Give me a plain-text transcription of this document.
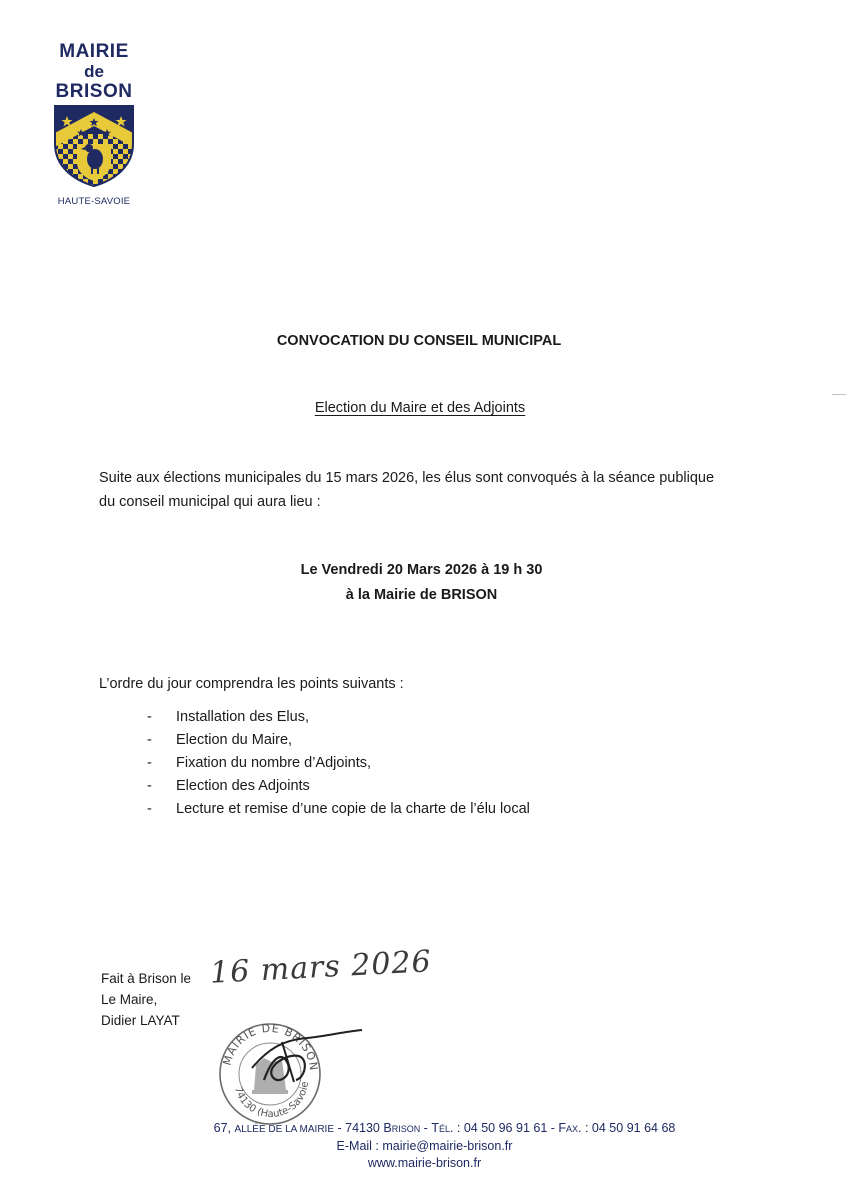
MAIRIE
de
BRISON
HAUTE-SAVOIE
CONVOCATION DU CONSEIL MUNICIPAL
Election du Maire et des Adjoints
Suite aux élections municipales du 15 mars 2026, les élus sont convoqués à la séance publique du conseil municipal qui aura lieu :
Le Vendredi 20 Mars 2026 à 19 h 30
à la Mairie de BRISON
L’ordre du jour comprendra les points suivants :
-	Installation des Elus,
-	Election du Maire,
-	Fixation du nombre d’Adjoints,
-	Election des Adjoints
-	Lecture et remise d’une copie de la charte de l’élu local
Fait à Brison le
Le Maire,
Didier LAYAT
16 mars 2026
MAIRIE DE BRISON
74130 (Haute-Savoie
67, ALLÉE DE LA MAIRIE - 74130 Brison - Tél. : 04 50 96 91 61 - Fax. : 04 50 91 64 68
E-Mail : mairie@mairie-brison.fr
www.mairie-brison.fr
